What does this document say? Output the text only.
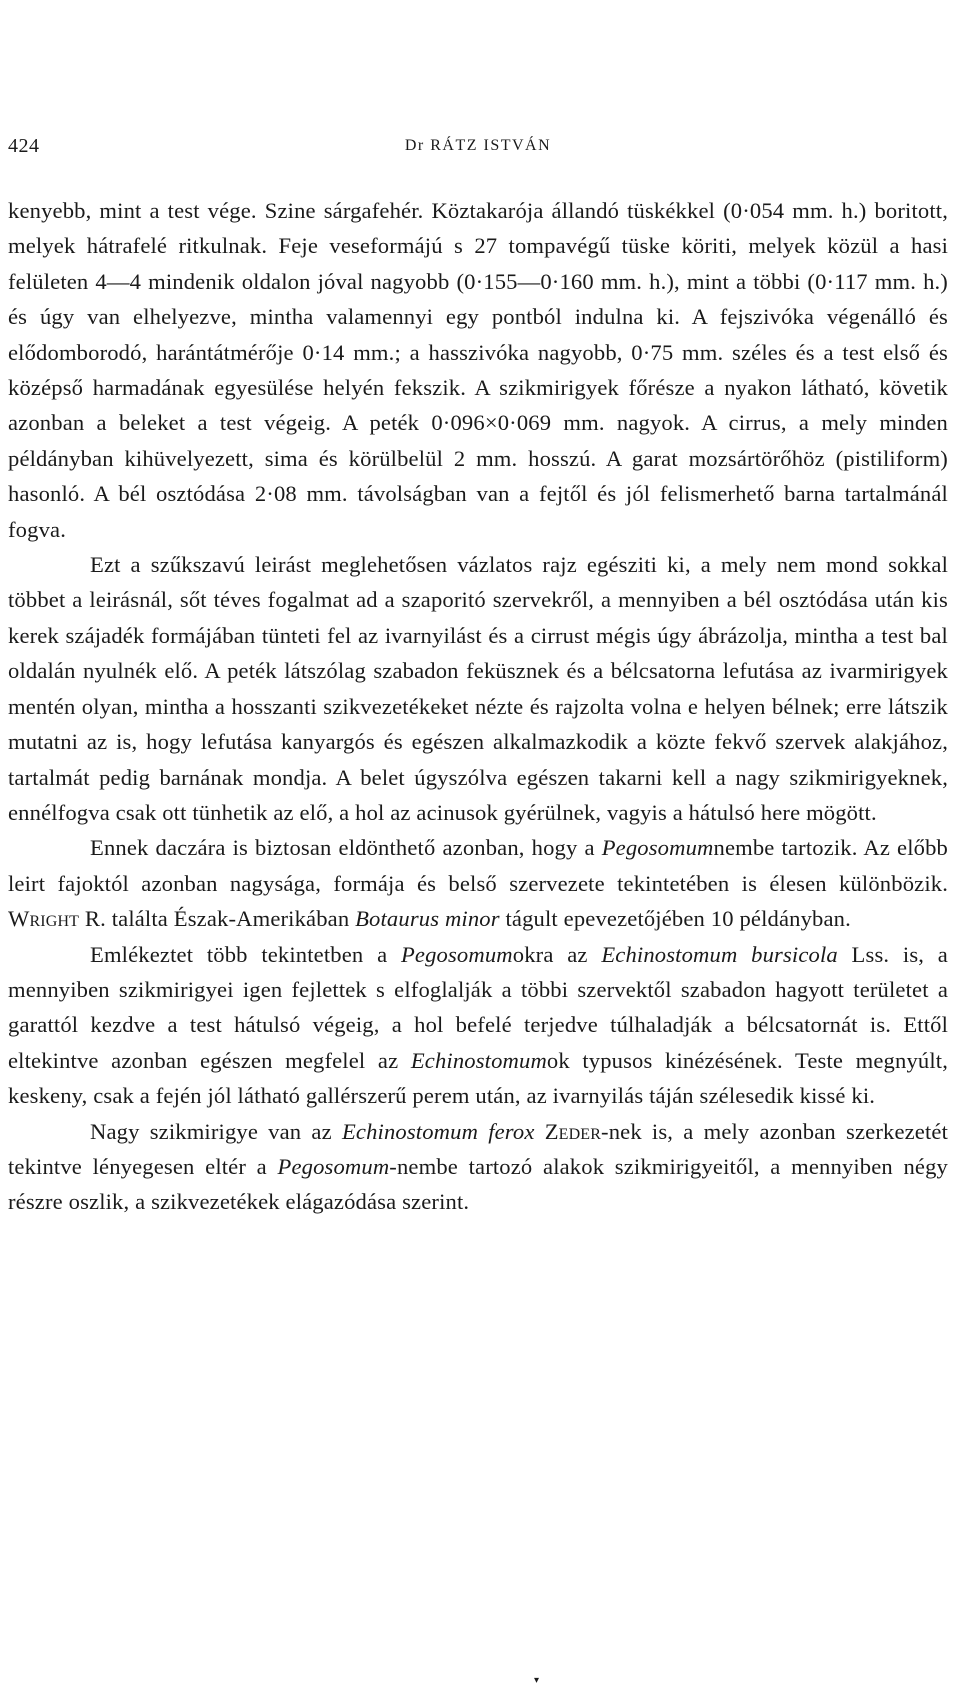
424	Dr RÁTZ ISTVÁN

kenyebb, mint a test vége. Szine sárgafehér. Köztakarója állandó tüskékkel (0·054 mm. h.) boritott, melyek hátrafelé ritkulnak. Feje veseformájú s 27 tompavégű tüske köriti, melyek közül a hasi felületen 4—4 mindenik oldalon jóval nagyobb (0·155—0·160 mm. h.), mint a többi (0·117 mm. h.) és úgy van elhelyezve, mintha valamennyi egy pontból indulna ki. A fejszivóka végenálló és elődomborodó, harántátmérője 0·14 mm.; a hasszivóka nagyobb, 0·75 mm. széles és a test első és középső harmadának egyesülése helyén fekszik. A szikmirigyek főrésze a nyakon látható, követik azonban a beleket a test végeig. A peték 0·096×0·069 mm. nagyok. A cirrus, a mely minden példányban kihüvelyezett, sima és körülbelül 2 mm. hosszú. A garat mozsártörőhöz (pistiliform) hasonló. A bél osztódása 2·08 mm. távolságban van a fejtől és jól felismerhető barna tartalmánál fogva.

Ezt a szűkszavú leirást meglehetősen vázlatos rajz egésziti ki, a mely nem mond sokkal többet a leirásnál, sőt téves fogalmat ad a szaporitó szervekről, a mennyiben a bél osztódása után kis kerek szájadék formájában tünteti fel az ivarnyilást és a cirrust mégis úgy ábrázolja, mintha a test bal oldalán nyulnék elő. A peték látszólag szabadon feküsznek és a bélcsatorna lefutása az ivarmirigyek mentén olyan, mintha a hosszanti szikvezetékeket nézte és rajzolta volna e helyen bélnek; erre látszik mutatni az is, hogy lefutása kanyargós és egészen alkalmazkodik a közte fekvő szervek alakjához, tartalmát pedig barnának mondja. A belet úgyszólva egészen takarni kell a nagy szikmirigyeknek, ennélfogva csak ott tünhetik az elő, a hol az acinusok gyérülnek, vagyis a hátulsó here mögött.

Ennek daczára is biztosan eldönthető azonban, hogy a Pegosomumnembe tartozik. Az előbb leirt fajoktól azonban nagysága, formája és belső szervezete tekintetében is élesen különbözik. Wright R. találta Észak-Amerikában Botaurus minor tágult epevezetőjében 10 példányban.

Emlékeztet több tekintetben a Pegosomumokra az Echinostomum bursicola Lss. is, a mennyiben szikmirigyei igen fejlettek s elfoglalják a többi szervektől szabadon hagyott területet a garattól kezdve a test hátulsó végeig, a hol befelé terjedve túlhaladják a bélcsatornát is. Ettől eltekintve azonban egészen megfelel az Echinostomumok typusos kinézésének. Teste megnyúlt, keskeny, csak a fején jól látható gallérszerű perem után, az ivarnyilás táján szélesedik kissé ki.

Nagy szikmirigye van az Echinostomum ferox Zeder-nek is, a mely azonban szerkezetét tekintve lényegesen eltér a Pegosomum-nembe tartozó alakok szikmirigyeitől, a mennyiben négy részre oszlik, a szikvezetékek elágazódása szerint.

▾
